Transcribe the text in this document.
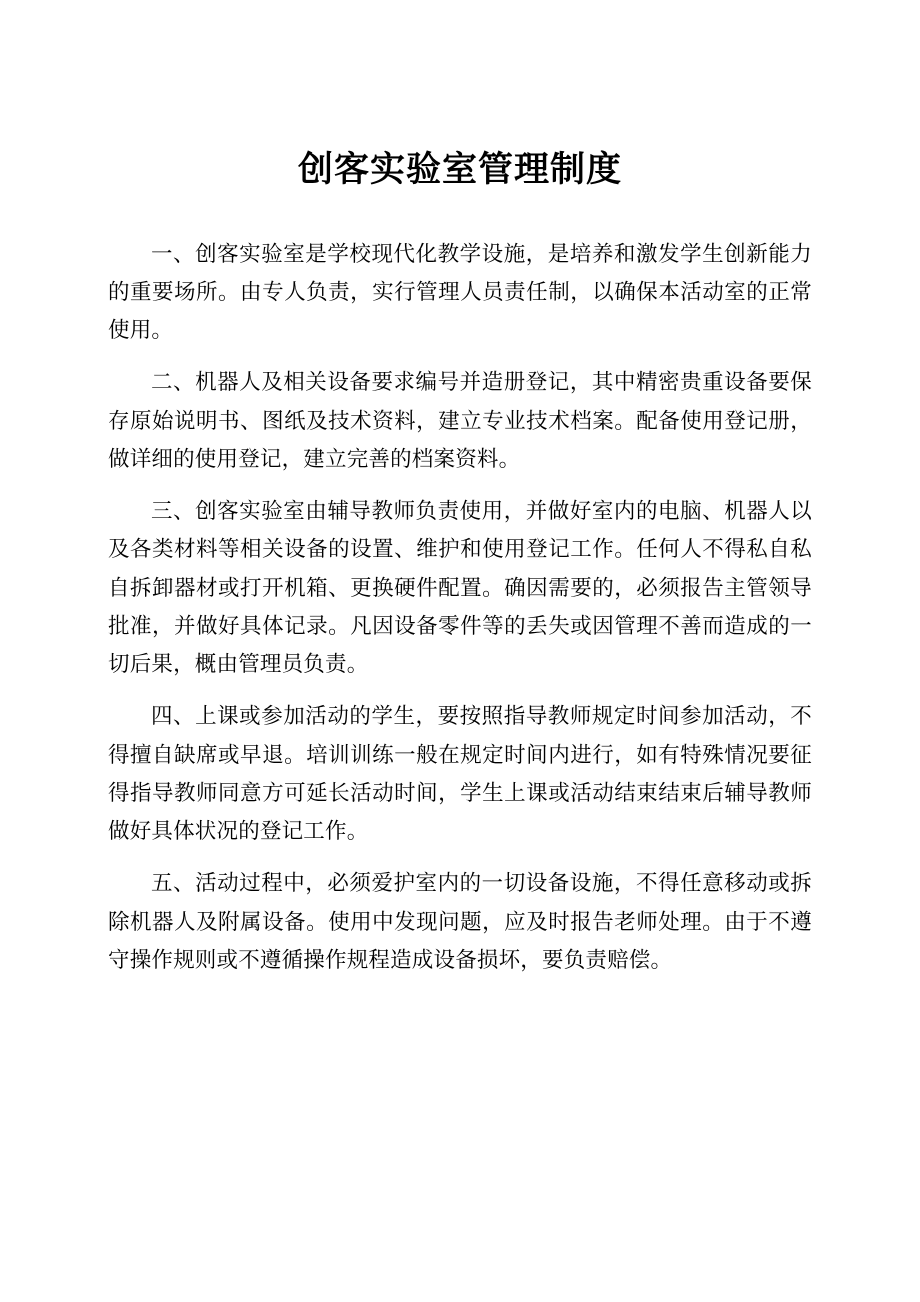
创客实验室管理制度

一、创客实验室是学校现代化教学设施，是培养和激发学生创新能力的重要场所。由专人负责，实行管理人员责任制，以确保本活动室的正常使用。

二、机器人及相关设备要求编号并造册登记，其中精密贵重设备要保存原始说明书、图纸及技术资料，建立专业技术档案。配备使用登记册，做详细的使用登记，建立完善的档案资料。

三、创客实验室由辅导教师负责使用，并做好室内的电脑、机器人以及各类材料等相关设备的设置、维护和使用登记工作。任何人不得私自私自拆卸器材或打开机箱、更换硬件配置。确因需要的，必须报告主管领导批准，并做好具体记录。凡因设备零件等的丢失或因管理不善而造成的一切后果，概由管理员负责。

四、上课或参加活动的学生，要按照指导教师规定时间参加活动，不得擅自缺席或早退。培训训练一般在规定时间内进行，如有特殊情况要征得指导教师同意方可延长活动时间，学生上课或活动结束结束后辅导教师做好具体状况的登记工作。

五、活动过程中，必须爱护室内的一切设备设施，不得任意移动或拆除机器人及附属设备。使用中发现问题，应及时报告老师处理。由于不遵守操作规则或不遵循操作规程造成设备损坏，要负责赔偿。
